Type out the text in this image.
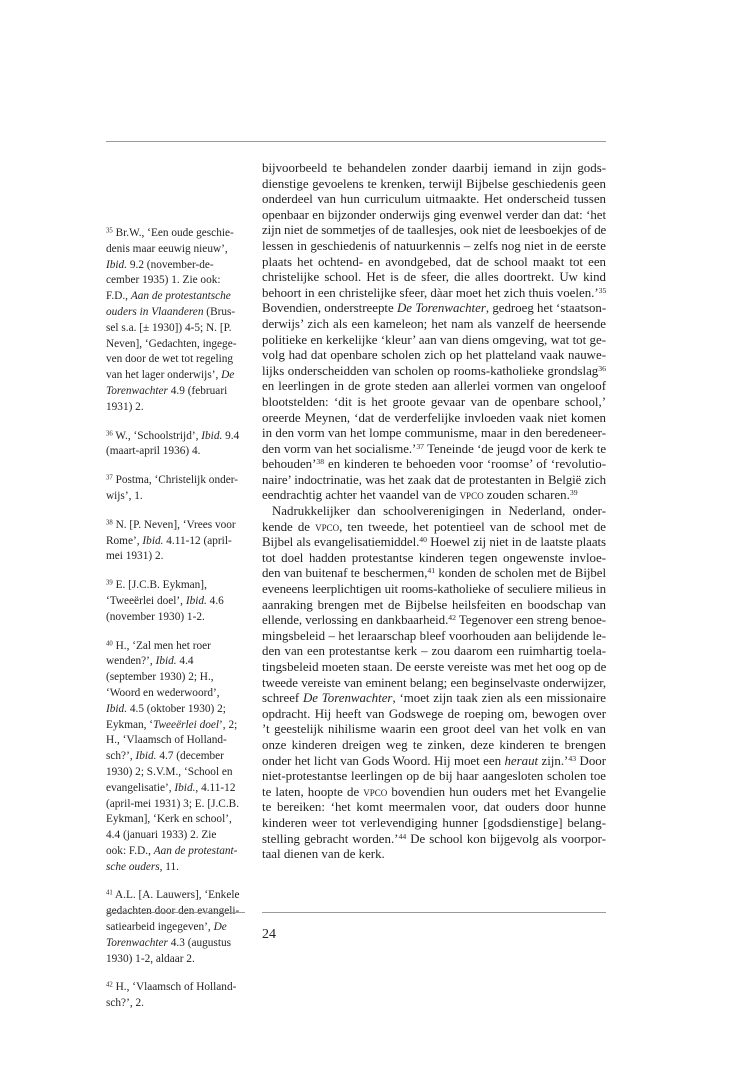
$^{35}$ Br.W., ‘Een oude geschie-
denis maar eeuwig nieuw’,
Ibid. 9.2 (november-de-
cember 1935) 1. Zie ook:
F.D., Aan de protestantsche
ouders in Vlaanderen (Brus-
sel s.a. [± 1930]) 4-5; N. [P.
Neven], ‘Gedachten, ingege-
ven door de wet tot regeling
van het lager onderwijs’, De
Torenwachter 4.9 (februari
1931) 2.
$^{36}$ W., ‘Schoolstrijd’, Ibid. 9.4
(maart-april 1936) 4.
$^{37}$ Postma, ‘Christelijk onder-
wijs’, 1.
$^{38}$ N. [P. Neven], ‘Vrees voor
Rome’, Ibid. 4.11-12 (april-
mei 1931) 2.
$^{39}$ E. [J.C.B. Eykman],
‘Tweeërlei doel’, Ibid. 4.6
(november 1930) 1-2.
$^{40}$ H., ‘Zal men het roer
wenden?’, Ibid. 4.4
(september 1930) 2; H.,
‘Woord en wederwoord’,
Ibid. 4.5 (oktober 1930) 2;
Eykman, ‘Tweeërlei doel’, 2;
H., ‘Vlaamsch of Holland-
sch?’, Ibid. 4.7 (december
1930) 2; S.V.M., ‘School en
evangelisatie’, Ibid., 4.11-12
(april-mei 1931) 3; E. [J.C.B.
Eykman], ‘Kerk en school’,
4.4 (januari 1933) 2. Zie
ook: F.D., Aan de protestant-
sche ouders, 11.
$^{41}$ A.L. [A. Lauwers], ‘Enkele
satiearbeid ingegeven’, De
Torenwachter 4.3 (augustus
1930) 1-2, aldaar 2.
$^{42}$ H., ‘Vlaamsch of Holland-
sch?’, 2.
bijvoorbeeld te behandelen zonder daarbij iemand in zijn gods-
dienstige gevoelens te krenken, terwijl Bijbelse geschiedenis geen
onderdeel van hun curriculum uitmaakte. Het onderscheid tussen
openbaar en bijzonder onderwijs ging evenwel verder dan dat: ‘het
zijn niet de sommetjes of de taallesjes, ook niet de leesboekjes of de
lessen in geschiedenis of natuurkennis – zelfs nog niet in de eerste
plaats het ochtend- en avondgebed, dat de school maakt tot een
christelijke school. Het is de sfeer, die alles doortrekt. Uw kind
behoort in een christelijke sfeer, dàar moet het zich thuis voelen.’$^{35}$
Bovendien, onderstreepte De Torenwachter, gedroeg het ‘staatson-
derwijs’ zich als een kameleon; het nam als vanzelf de heersende
politieke en kerkelijke ‘kleur’ aan van diens omgeving, wat tot ge-
volg had dat openbare scholen zich op het platteland vaak nauwe-
lijks onderscheidden van scholen op rooms-katholieke grondslag$^{36}$
en leerlingen in de grote steden aan allerlei vormen van ongeloof
blootstelden: ‘dit is het groote gevaar van de openbare school,’
oreerde Meynen, ‘dat de verderfelijke invloeden vaak niet komen
in den vorm van het lompe communisme, maar in den beredeneer-
den vorm van het socialisme.’$^{37}$ Teneinde ‘de jeugd voor de kerk te
behouden’$^{38}$ en kinderen te behoeden voor ‘roomse’ of ‘revolutio-
naire’ indoctrinatie, was het zaak dat de protestanten in België zich
eendrachtig achter het vaandel van de vpco zouden scharen.$^{39}$
Nadrukkelijker dan schoolverenigingen in Nederland, onder-
kende de vpco, ten tweede, het potentieel van de school met de
Bijbel als evangelisatiemiddel.$^{40}$ Hoewel zij niet in de laatste plaats
tot doel hadden protestantse kinderen tegen ongewenste invloe-
den van buitenaf te beschermen,$^{41}$ konden de scholen met de Bijbel
eveneens leerplichtigen uit rooms-katholieke of seculiere milieus in
aanraking brengen met de Bijbelse heilsfeiten en boodschap van
ellende, verlossing en dankbaarheid.$^{42}$ Tegenover een streng benoe-
mingsbeleid – het leraarschap bleef voorhouden aan belijdende le-
den van een protestantse kerk – zou daarom een ruimhartig toela-
tingsbeleid moeten staan. De eerste vereiste was met het oog op de
tweede vereiste van eminent belang; een beginselvaste onderwijzer,
schreef De Torenwachter, ‘moet zijn taak zien als een missionaire
opdracht. Hij heeft van Godswege de roeping om, bewogen over
’t geestelijk nihilisme waarin een groot deel van het volk en van
onze kinderen dreigen weg te zinken, deze kinderen te brengen
onder het licht van Gods Woord. Hij moet een heraut zijn.’$^{43}$ Door
niet-protestantse leerlingen op de bij haar aangesloten scholen toe
te laten, hoopte de vpco bovendien hun ouders met het Evangelie
te bereiken: ‘het komt meermalen voor, dat ouders door hunne
kinderen weer tot verlevendiging hunner [godsdienstige] belang-
stelling gebracht worden.’$^{44}$ De school kon bijgevolg als voorpor-
taal dienen van de kerk.
24
